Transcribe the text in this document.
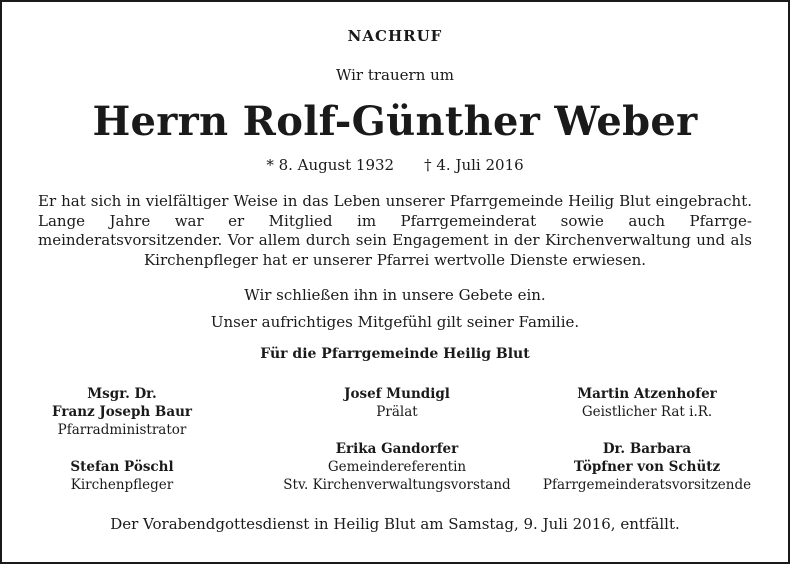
NACHRUF
Wir trauern um
Herrn Rolf-Günther Weber
* 8. August 1932 † 4. Juli 2016
Er hat sich in vielfältiger Weise in das Leben unserer Pfarrgemeinde Heilig Blut eingebracht. Lange Jahre war er Mitglied im Pfarrgemeinderat sowie auch Pfarrgemeinderatsvorsitzender. Vor allem durch sein Engagement in der Kirchenverwaltung und als Kirchenpfleger hat er unserer Pfarrei wertvolle Dienste erwiesen.
Wir schließen ihn in unsere Gebete ein.
Unser aufrichtiges Mitgefühl gilt seiner Familie.
Für die Pfarrgemeinde Heilig Blut
Msgr. Dr.
Franz Joseph Baur
Pfarradministrator
Josef Mundigl
Prälat
Martin Atzenhofer
Geistlicher Rat i.R.
Stefan Pöschl
Kirchenpfleger
Erika Gandorfer
Gemeindereferentin
Stv. Kirchenverwaltungsvorstand
Dr. Barbara
Töpfner von Schütz
Pfarrgemeinderatsvorsitzende
Der Vorabendgottesdienst in Heilig Blut am Samstag, 9. Juli 2016, entfällt.
